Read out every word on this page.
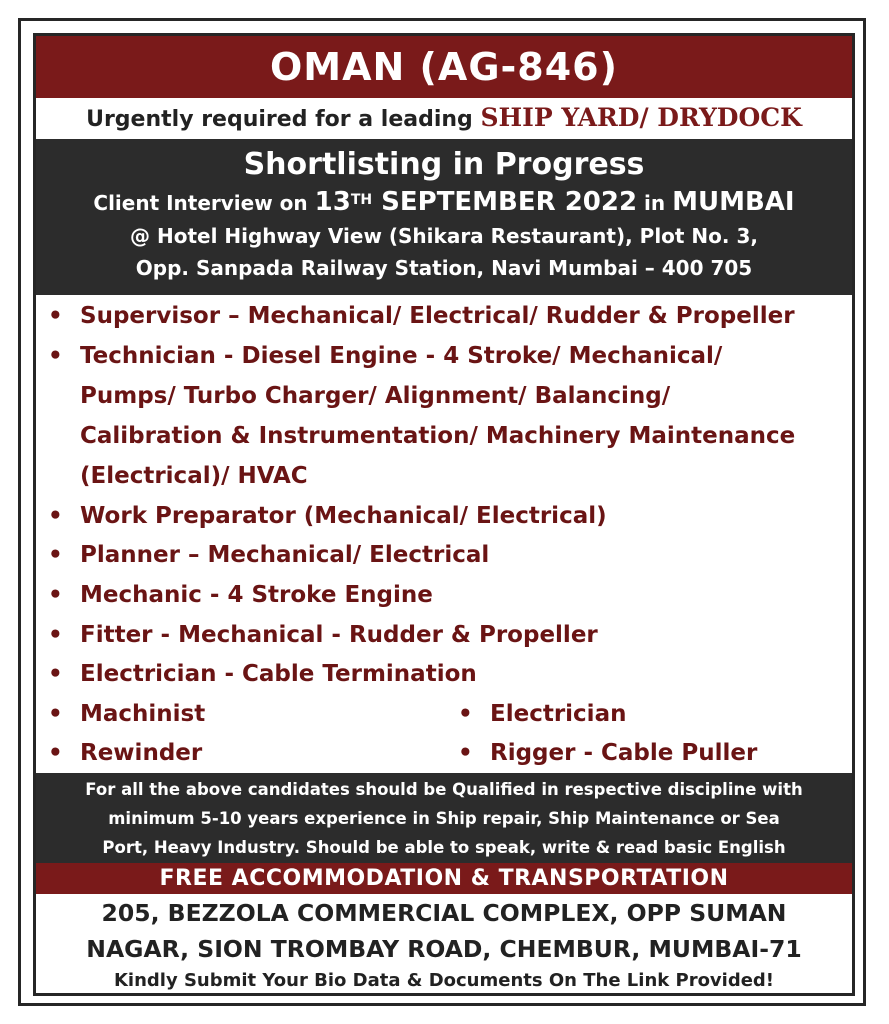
OMAN (AG-846)
Urgently required for a leading SHIP YARD/ DRYDOCK
Shortlisting in Progress
Client Interview on 13TH SEPTEMBER 2022 in MUMBAI
@ Hotel Highway View (Shikara Restaurant), Plot No. 3,
Opp. Sanpada Railway Station, Navi Mumbai – 400 705
• Supervisor – Mechanical/ Electrical/ Rudder & Propeller
• Technician - Diesel Engine - 4 Stroke/ Mechanical/
Pumps/ Turbo Charger/ Alignment/ Balancing/
Calibration & Instrumentation/ Machinery Maintenance
(Electrical)/ HVAC
• Work Preparator (Mechanical/ Electrical)
• Planner – Mechanical/ Electrical
• Mechanic - 4 Stroke Engine
• Fitter - Mechanical - Rudder & Propeller
• Electrician - Cable Termination
• Machinist	• Electrician
• Rewinder	• Rigger - Cable Puller
For all the above candidates should be Qualified in respective discipline with
minimum 5-10 years experience in Ship repair, Ship Maintenance or Sea
Port, Heavy Industry. Should be able to speak, write & read basic English
FREE ACCOMMODATION & TRANSPORTATION
205, BEZZOLA COMMERCIAL COMPLEX, OPP SUMAN
NAGAR, SION TROMBAY ROAD, CHEMBUR, MUMBAI-71
Kindly Submit Your Bio Data & Documents On The Link Provided!
